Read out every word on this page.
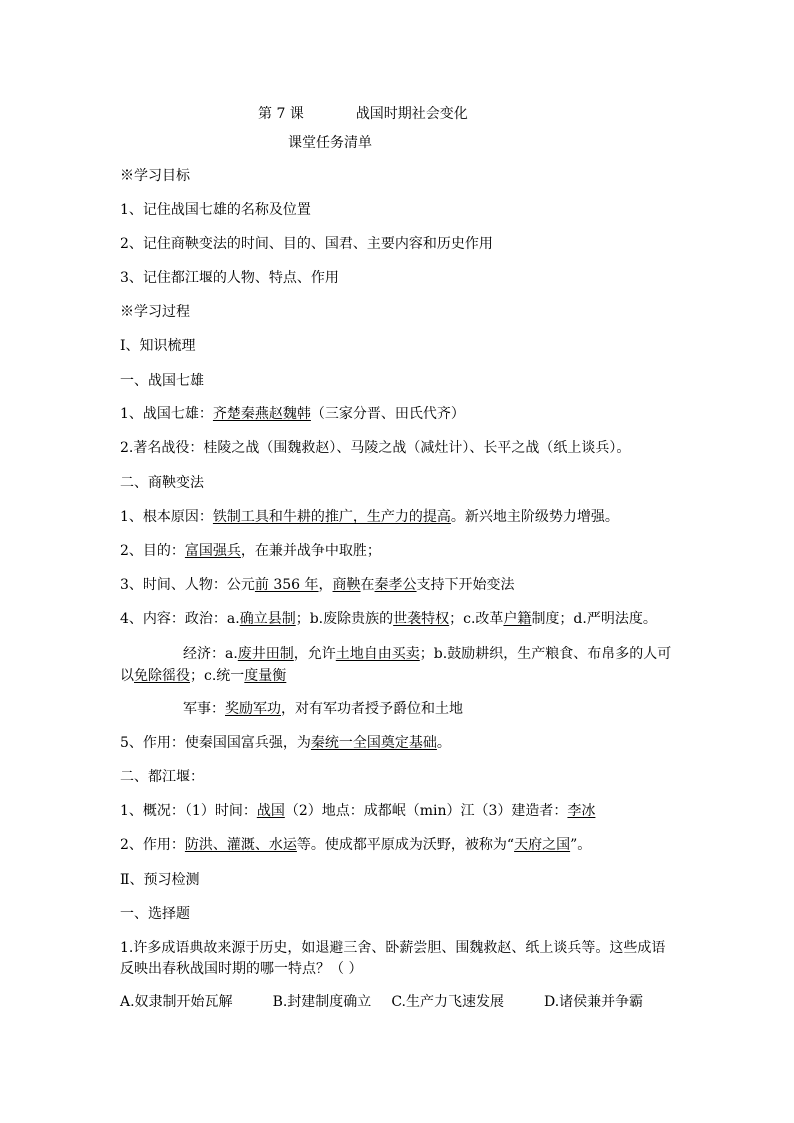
第 7 课	战国时期社会变化
课堂任务清单
※学习目标
1、记住战国七雄的名称及位置
2、记住商鞅变法的时间、目的、国君、主要内容和历史作用
3、记住都江堰的人物、特点、作用
※学习过程
Ⅰ、知识梳理
一、战国七雄
1、战国七雄：齐楚秦燕赵魏韩（三家分晋、田氏代齐）
2.著名战役：桂陵之战（围魏救赵）、马陵之战（减灶计）、长平之战（纸上谈兵）。
二、商鞅变法
1、根本原因：铁制工具和牛耕的推广，生产力的提高。新兴地主阶级势力增强。
2、目的：富国强兵，在兼并战争中取胜；
3、时间、人物：公元前 356 年，商鞅在秦孝公支持下开始变法
4、内容：政治：a.确立县制；b.废除贵族的世袭特权；c.改革户籍制度；d.严明法度。
经济：a.废井田制，允许土地自由买卖；b.鼓励耕织，生产粮食、布帛多的人可
以免除徭役；c.统一度量衡
军事：奖励军功，对有军功者授予爵位和土地
5、作用：使秦国国富兵强，为秦统一全国奠定基础。
二、都江堰：
1、概况：（1）时间：战国（2）地点：成都岷（min）江（3）建造者：李冰
2、作用：防洪、灌溉、水运等。使成都平原成为沃野，被称为“天府之国”。
Ⅱ、预习检测
一、选择题
1.许多成语典故来源于历史，如退避三舍、卧薪尝胆、围魏救赵、纸上谈兵等。这些成语
反映出春秋战国时期的哪一特点？（ ）
A.奴隶制开始瓦解	B.封建制度确立 C.生产力飞速发展	D.诸侯兼并争霸
